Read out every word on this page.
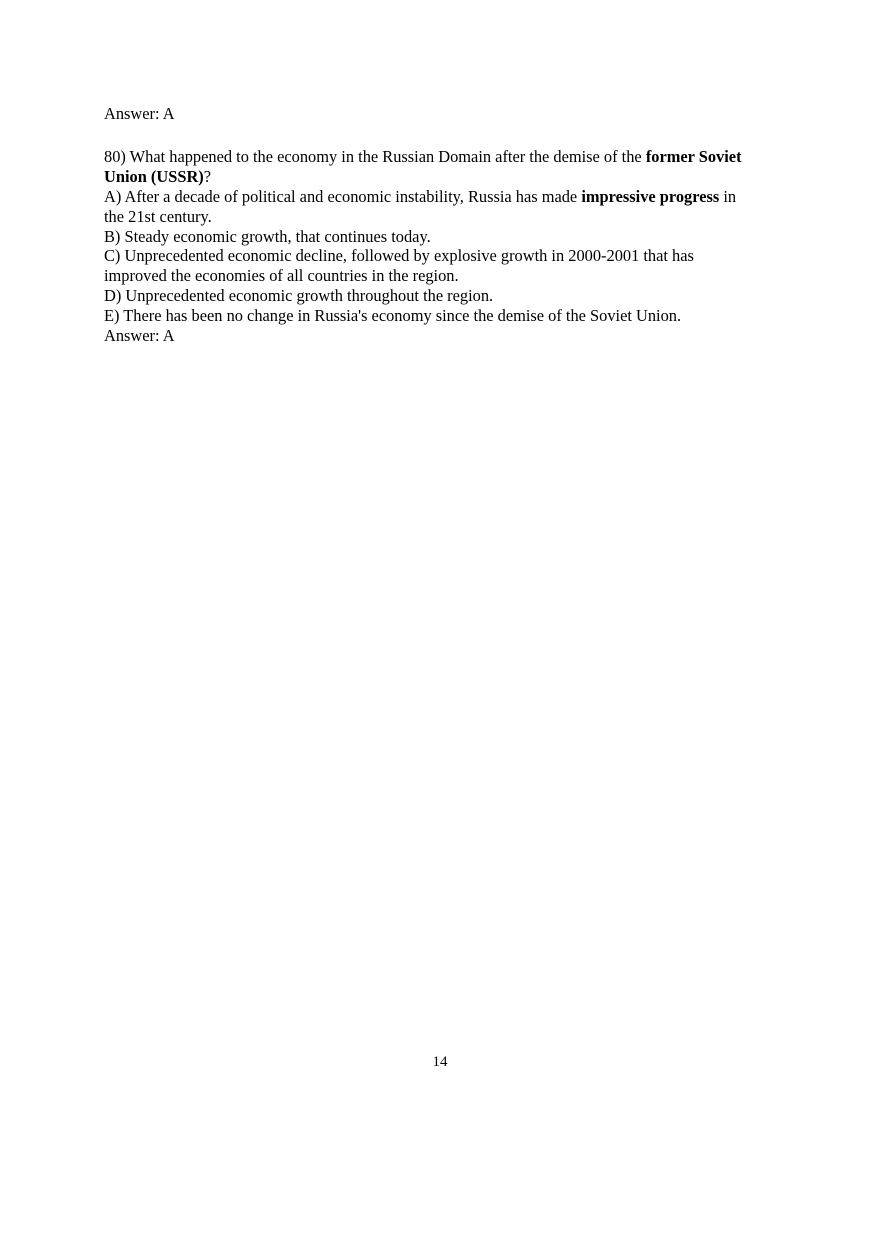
Answer: A
80) What happened to the economy in the Russian Domain after the demise of the former Soviet
Union (USSR)?
A) After a decade of political and economic instability, Russia has made impressive progress in
the 21st century.
B) Steady economic growth, that continues today.
C) Unprecedented economic decline, followed by explosive growth in 2000-2001 that has
improved the economies of all countries in the region.
D) Unprecedented economic growth throughout the region.
E) There has been no change in Russia's economy since the demise of the Soviet Union.
Answer: A
14
